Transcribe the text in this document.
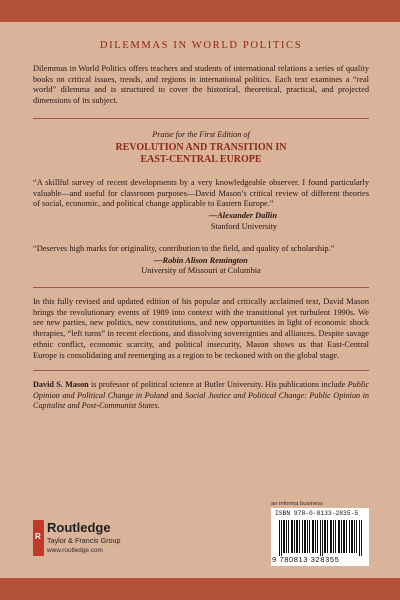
DILEMMAS IN WORLD POLITICS

Dilemmas in World Politics offers teachers and students of international relations a series of quality books on critical issues, trends, and regions in international politics. Each text examines a “real world” dilemma and is structured to cover the historical, theoretical, practical, and projected dimensions of its subject.

Praise for the First Edition of
REVOLUTION AND TRANSITION IN
EAST-CENTRAL EUROPE

“A skillful survey of recent developments by a very knowledgeable observer. I found particularly valuable—and useful for classroom purposes—David Mason’s critical review of different theories of social, economic, and political change applicable to Eastern Europe.”

—Alexander Dallin
Stanford University

“Deserves high marks for originality, contribution to the field, and quality of scholarship.”

—Robin Alison Remington
University of Missouri at Columbia

In this fully revised and updated edition of his popular and critically acclaimed text, David Mason brings the revolutionary events of 1989 into context with the transitional yet turbulent 1990s. We see new parties, new politics, new constitutions, and new opportunities in light of economic shock therapies, “left turns” in recent elections, and dissolving sovereignties and alliances. Despite savage ethnic conflict, economic scarcity, and political insecurity, Mason shows us that East-Central Europe is consolidating and reemerging as a region to be reckoned with on the global stage.

David S. Mason is professor of political science at Butler University. His publications include Public Opinion and Political Change in Poland and Social Justice and Political Change: Public Opinion in Capitalist and Post-Communist States.

R
Routledge
Taylor & Francis Group
www.routledge.com
an informa business
ISBN 978-0-8133-2835-5
9 780813 328355
